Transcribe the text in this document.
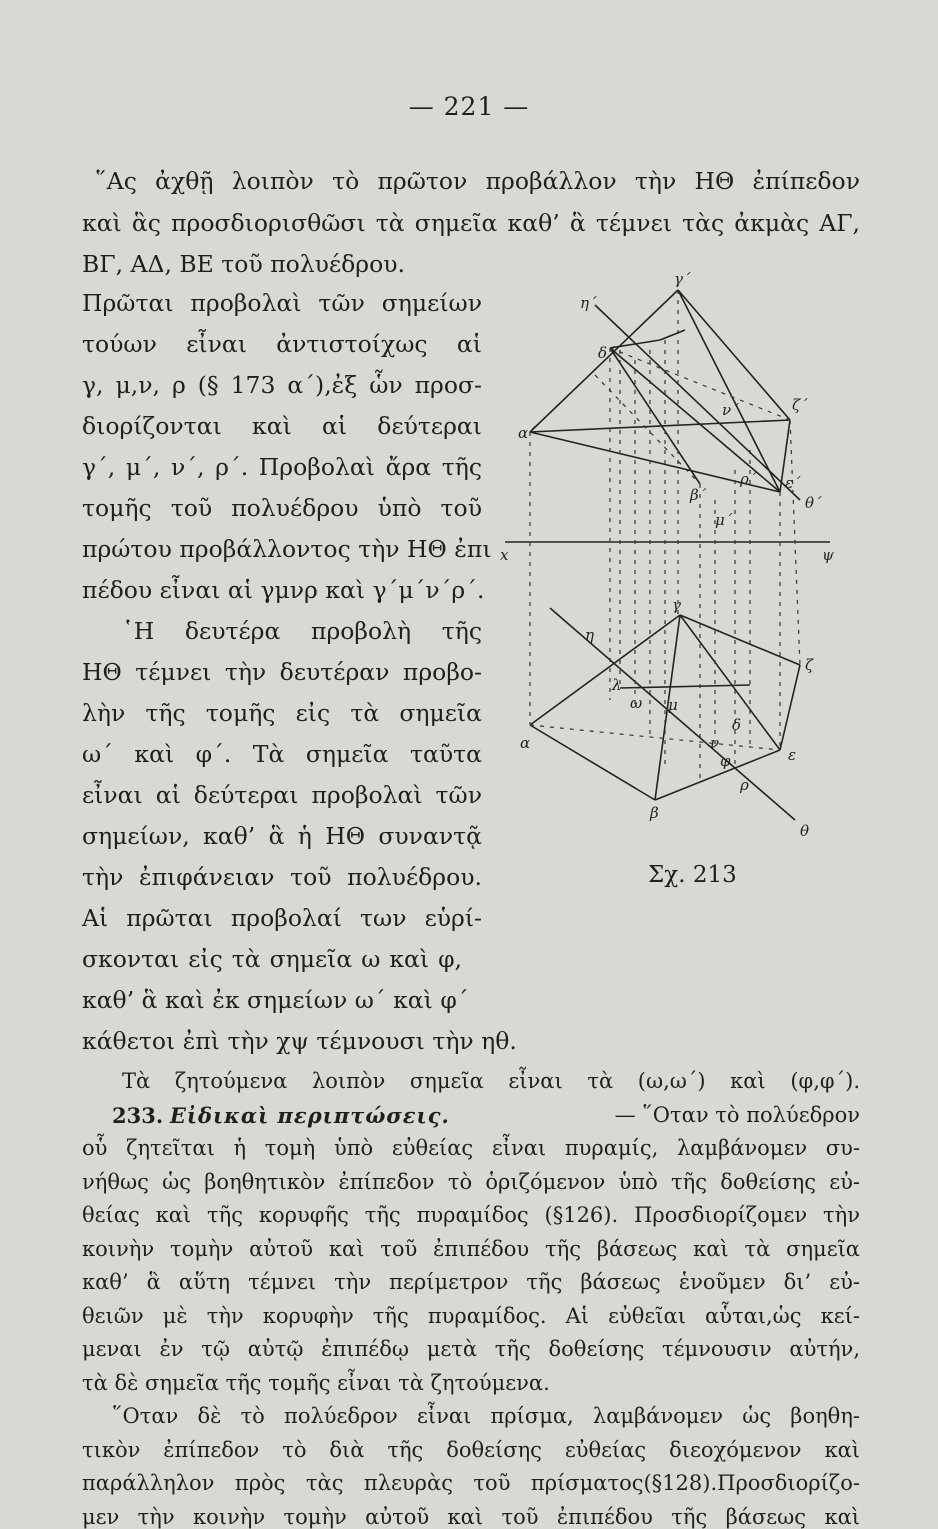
— 221 —
῞Ας ἀχθῇ λοιπὸν τὸ πρῶτον προβάλλον τὴν ΗΘ ἐπίπεδον
καὶ ἃς προσδιορισθῶσι τὰ σημεῖα καθ’ ἃ τέμνει τὰς ἀκμὰς ΑΓ,
ΒΓ, ΑΔ, ΒΕ τοῦ πολυέδρου.
Πρῶται προβολαὶ τῶν σημείων
τούων εἶναι ἀντιστοίχως αἱ
γ, μ,ν, ρ (§ 173 α΄),ἐξ ὧν προσ-
διορίζονται καὶ αἱ δεύτεραι
γ΄, μ΄, ν΄, ρ΄. Προβολαὶ ἄρα τῆς
τομῆς τοῦ πολυέδρου ὑπὸ τοῦ
πρώτου προβάλλοντος τὴν ΗΘ ἐπι
πέδου εἶναι αἱ γμνρ καὶ γ΄μ΄ν΄ρ΄.
῾Η δευτέρα προβολὴ τῆς
ΗΘ τέμνει τὴν δευτέραν προβο-
λὴν τῆς τομῆς εἰς τὰ σημεῖα
ω΄ καὶ φ΄. Τὰ σημεῖα ταῦτα
εἶναι αἱ δεύτεραι προβολαὶ τῶν
σημείων, καθ’ ἃ ἡ ΗΘ συναντᾷ
τὴν ἐπιφάνειαν τοῦ πολυέδρου.
Αἱ πρῶται προβολαί των εὑρί-
σκονται εἰς τὰ σημεῖα ω καὶ φ,
καθ’ ἃ καὶ ἐκ σημείων ω΄ καὶ φ΄
κάθετοι ἐπὶ τὴν χψ τέμνουσι τὴν ηθ.
x	ψ
η΄
γ΄
ζ΄
δ΄
α΄
ε΄
θ΄
ρ΄
β΄
μ΄
ν΄
η
γ
ζ
λ
ω μ
δ
α	ν
φ	ε
ρ
β
θ
Σχ. 213
Τὰ ζητούμενα λοιπὸν σημεῖα εἶναι τὰ (ω,ω΄) καὶ (φ,φ΄).
233. Εἰδικαὶ περιπτώσεις.	— ῞Οταν τὸ πολύεδρον
οὗ ζητεῖται ἡ τομὴ ὑπὸ εὐθείας εἶναι πυραμίς, λαμβάνομεν συ-
νήθως ὡς βοηθητικὸν ἐπίπεδον τὸ ὁριζόμενον ὑπὸ τῆς δοθείσης εὐ-
θείας καὶ τῆς κορυφῆς τῆς πυραμίδος (§126). Προσδιορίζομεν τὴν
κοινὴν τομὴν αὐτοῦ καὶ τοῦ ἐπιπέδου τῆς βάσεως καὶ τὰ σημεῖα
καθ’ ἃ αὕτη τέμνει τὴν περίμετρον τῆς βάσεως ἑνοῦμεν δι’ εὐ-
θειῶν μὲ τὴν κορυφὴν τῆς πυραμίδος. Αἱ εὐθεῖαι αὗται,ὡς κεί-
μεναι ἐν τῷ αὐτῷ ἐπιπέδῳ μετὰ τῆς δοθείσης τέμνουσιν αὐτήν,
τὰ δὲ σημεῖα τῆς τομῆς εἶναι τὰ ζητούμενα.
῞Οταν δὲ τὸ πολύεδρον εἶναι πρίσμα, λαμβάνομεν ὡς βοηθη-
τικὸν ἐπίπεδον τὸ διὰ τῆς δοθείσης εὐθείας διεοχόμενον καὶ
παράλληλον πρὸς τὰς πλευρὰς τοῦ πρίσματος(§128).Προσδιορίζο-
μεν τὴν κοινὴν τομὴν αὐτοῦ καὶ τοῦ ἐπιπέδου τῆς βάσεως καὶ
